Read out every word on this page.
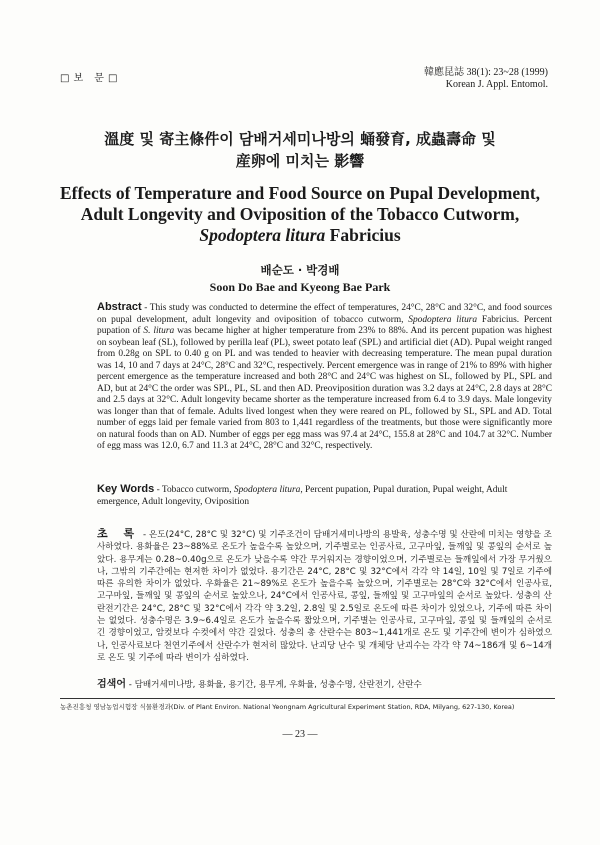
□보 문□
韓應昆誌 38(1): 23~28 (1999)
Korean J. Appl. Entomol.
溫度 및 寄主條件이 담배거세미나방의 蛹發育, 成蟲壽命 및
産卵에 미치는 影響
Effects of Temperature and Food Source on Pupal Development,
Adult Longevity and Oviposition of the Tobacco Cutworm,
Spodoptera litura Fabricius
배순도 · 박경배
Soon Do Bae and Kyeong Bae Park
Abstract - This study was conducted to determine the effect of temperatures, 24°C, 28°C and 32°C, and food sources on pupal development, adult longevity and oviposition of tobacco cutworm, Spodoptera litura Fabricius. Percent pupation of S. litura was became higher at higher temperature from 23% to 88%. And its percent pupation was highest on soybean leaf (SL), followed by perilla leaf (PL), sweet potato leaf (SPL) and artificial diet (AD). Pupal weight ranged from 0.28g on SPL to 0.40 g on PL and was tended to heavier with decreasing temperature. The mean pupal duration was 14, 10 and 7 days at 24°C, 28°C and 32°C, respectively. Percent emergence was in range of 21% to 89% with higher percent emergence as the temperature increased and both 28°C and 24°C was highest on SL, followed by PL, SPL and AD, but at 24°C the order was SPL, PL, SL and then AD. Preoviposition duration was 3.2 days at 24°C, 2.8 days at 28°C and 2.5 days at 32°C. Adult longevity became shorter as the temperature increased from 6.4 to 3.9 days. Male longevity was longer than that of female. Adults lived longest when they were reared on PL, followed by SL, SPL and AD. Total number of eggs laid per female varied from 803 to 1,441 regardless of the treatments, but those were significantly more on natural foods than on AD. Number of eggs per egg mass was 97.4 at 24°C, 155.8 at 28°C and 104.7 at 32°C. Number of egg mass was 12.0, 6.7 and 11.3 at 24°C, 28°C and 32°C, respectively.
Key Words - Tobacco cutworm, Spodoptera litura, Percent pupation, Pupal duration, Pupal weight, Adult emergence, Adult longevity, Oviposition
초 록 - 온도(24°C, 28°C 및 32°C) 및 기주조건이 담배거세미나방의 용발육, 성충수명 및 산란에 미치는 영향을 조사하였다. 용화율은 23~88%로 온도가 높을수록 높았으며, 기주별로는 인공사료, 고구마잎, 들깨잎 및 콩잎의 순서로 높았다. 용무게는 0.28~0.40g으로 온도가 낮을수록 약간 무거워지는 경향이었으며, 기주별로는 들깨잎에서 가장 무거웠으나, 그밖의 기주간에는 현저한 차이가 없었다. 용기간은 24°C, 28°C 및 32°C에서 각각 약 14일, 10일 및 7일로 기주에 따른 유의한 차이가 없었다. 우화율은 21~89%로 온도가 높을수록 높았으며, 기주별로는 28°C와 32°C에서 인공사료, 고구마잎, 들깨잎 및 콩잎의 순서로 높았으나, 24°C에서 인공사료, 콩잎, 들깨잎 및 고구마잎의 순서로 높았다. 성충의 산란전기간은 24°C, 28°C 및 32°C에서 각각 약 3.2일, 2.8일 및 2.5일로 온도에 따른 차이가 있었으나, 기주에 따른 차이는 없었다. 성충수명은 3.9~6.4일로 온도가 높을수록 짧았으며, 기주별는 인공사료, 고구마잎, 콩잎 및 들깨잎의 순서로 긴 경향이었고, 암컷보다 수컷에서 약간 길었다. 성충의 총 산란수는 803~1,441개로 온도 및 기주간에 변이가 심하였으나, 인공사료보다 천연기주에서 산란수가 현저히 많았다. 난괴당 난수 및 개체당 난괴수는 각각 약 74~186개 및 6~14개로 온도 및 기주에 따라 변이가 심하였다.
검색어 - 담배거세미나방, 용화율, 용기간, 용무게, 우화율, 성충수명, 산란전기, 산란수
농촌진흥청 영남농업시험장 식물환경과(Div. of Plant Environ. National Yeongnam Agricultural Experiment Station, RDA, Milyang, 627-130, Korea)
— 23 —
